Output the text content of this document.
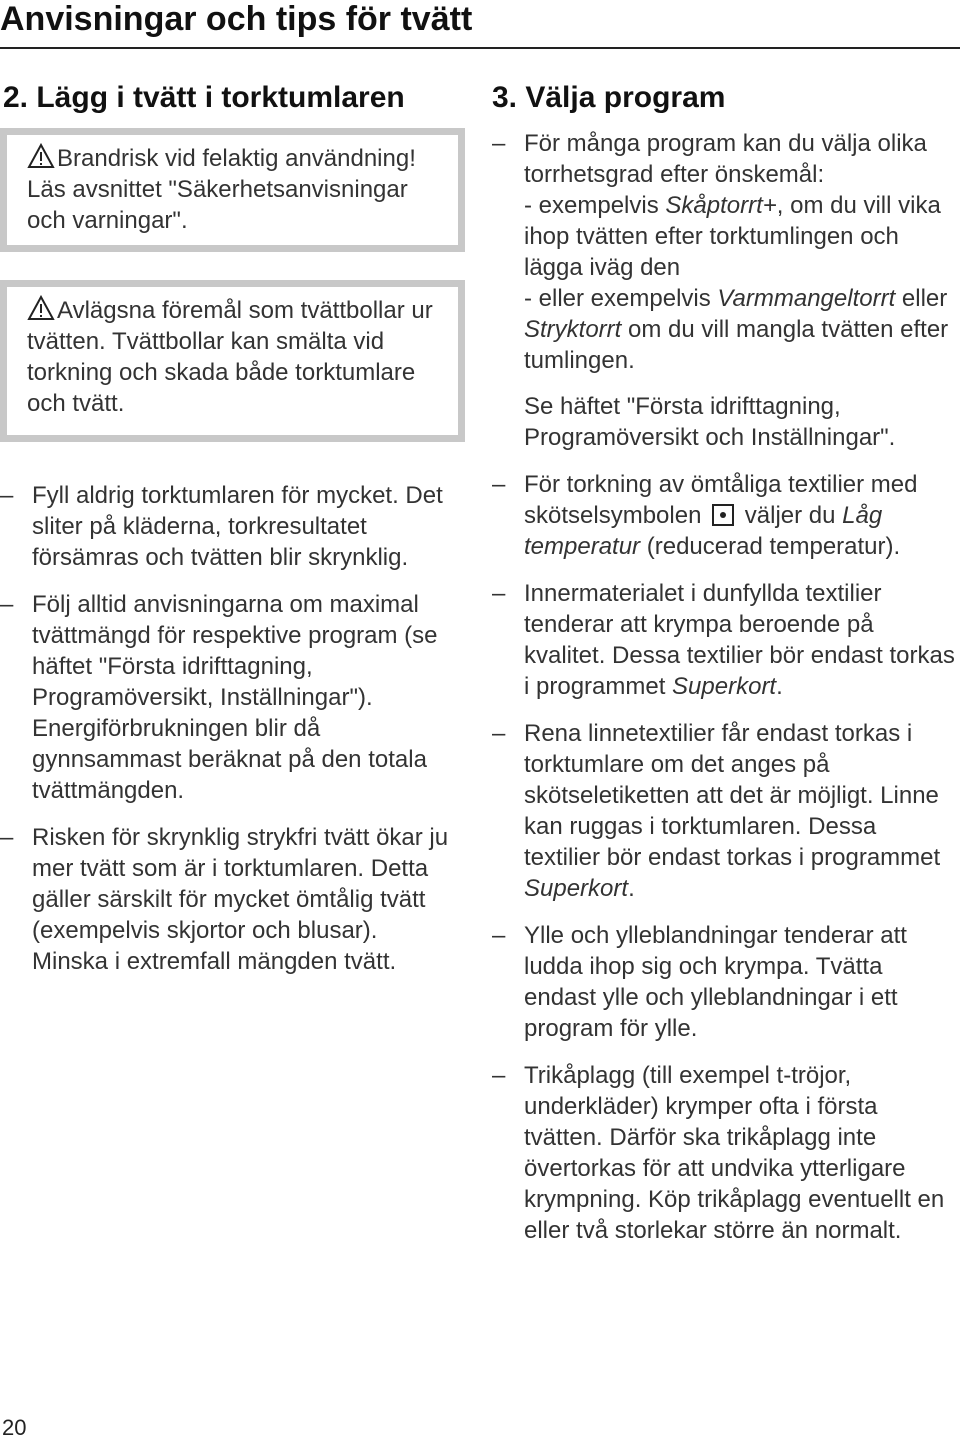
Anvisningar och tips för tvätt
2. Lägg i tvätt i torktumlaren

Brandrisk vid felaktig användning! Läs avsnittet "Säkerhetsanvisningar och varningar".

Avlägsna föremål som tvättbollar ur tvätten. Tvättbollar kan smälta vid torkning och skada både torktumlare och tvätt.

– Fyll aldrig torktumlaren för mycket. Det sliter på kläderna, torkresultatet försämras och tvätten blir skrynklig.
– Följ alltid anvisningarna om maximal tvättmängd för respektive program (se häftet "Första idrifttagning, Programöversikt, Inställningar"). Energiförbrukningen blir då gynnsammast beräknat på den totala tvättmängden.
– Risken för skrynklig strykfri tvätt ökar ju mer tvätt som är i torktumlaren. Detta gäller särskilt för mycket ömtålig tvätt (exempelvis skjortor och blusar).
Minska i extremfall mängden tvätt.
3. Välja program
– För många program kan du välja olika torrhetsgrad efter önskemål:
- exempelvis Skåptorrt+, om du vill vika ihop tvätten efter torktumlingen och lägga iväg den
- eller exempelvis Varmmangeltorrt eller Stryktorrt om du vill mangla tvätten efter tumlingen.

Se häftet "Första idrifttagning, Programöversikt och Inställningar".

– För torkning av ömtåliga textilier med skötselsymbolen  väljer du Låg temperatur (reducerad temperatur).
– Innermaterialet i dunfyllda textilier tenderar att krympa beroende på kvalitet. Dessa textilier bör endast torkas i programmet Superkort.
– Rena linnetextilier får endast torkas i torktumlare om det anges på skötseletiketten att det är möjligt. Linne kan ruggas i torktumlaren. Dessa textilier bör endast torkas i programmet Superkort.
– Ylle och ylleblandningar tenderar att ludda ihop sig och krympa. Tvätta endast ylle och ylleblandningar i ett program för ylle.
– Trikåplagg (till exempel t-tröjor, underkläder) krymper ofta i första tvätten. Därför ska trikåplagg inte övertorkas för att undvika ytterligare krympning. Köp trikåplagg eventuellt en eller två storlekar större än normalt.
20
